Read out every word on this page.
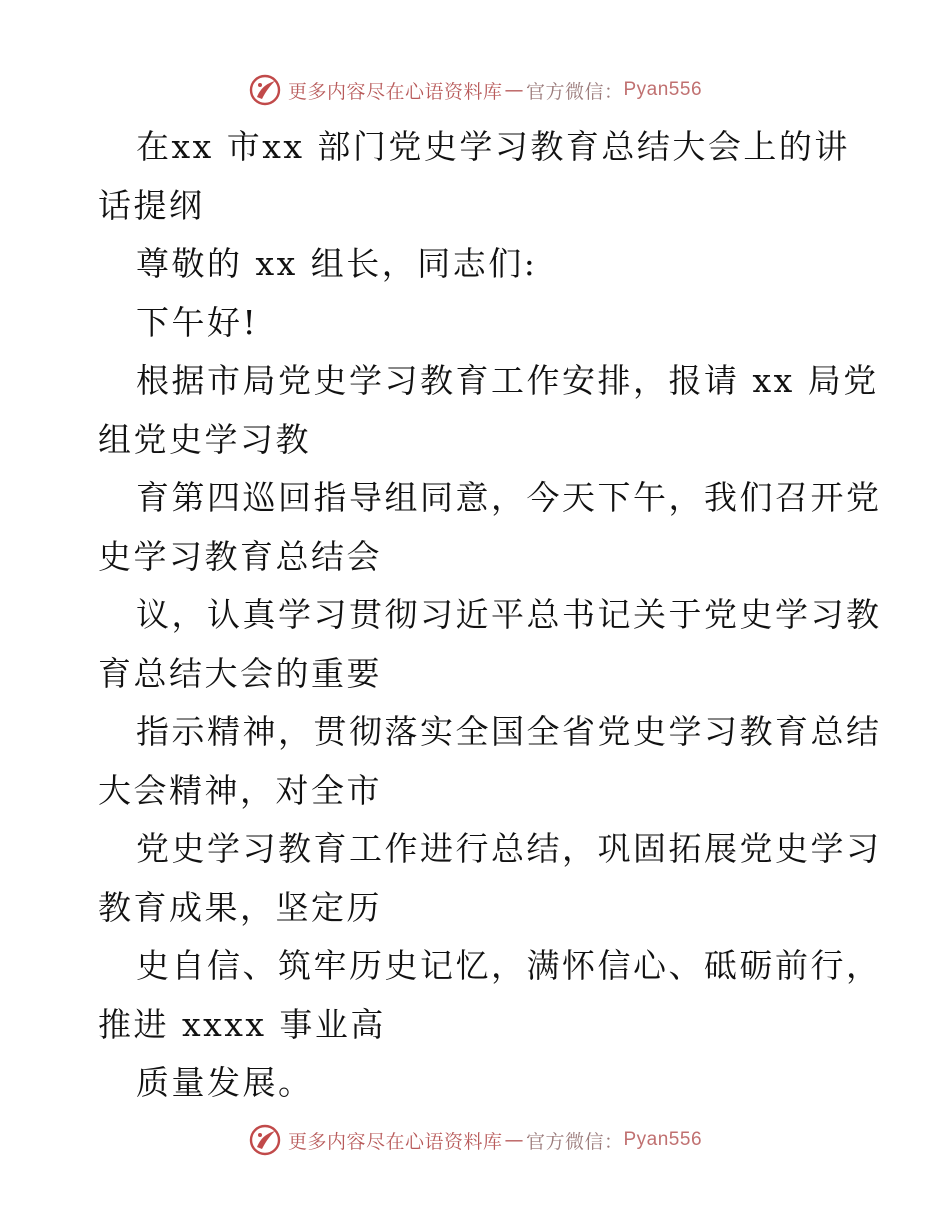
更多内容尽在心语资料库 — 官方微信： Pyan556
在xx 市xx 部门党史学习教育总结大会上的讲
话提纲
尊敬的 xx 组长，同志们:
下午好!
根据市局党史学习教育工作安排，报请 xx 局党
组党史学习教
育第四巡回指导组同意，今天下午，我们召开党
史学习教育总结会
议，认真学习贯彻习近平总书记关于党史学习教
育总结大会的重要
指示精神，贯彻落实全国全省党史学习教育总结
大会精神，对全市
党史学习教育工作进行总结，巩固拓展党史学习
教育成果，坚定历
史自信、筑牢历史记忆，满怀信心、砥砺前行，
推进 xxxx 事业高
质量发展。
更多内容尽在心语资料库 — 官方微信： Pyan556
